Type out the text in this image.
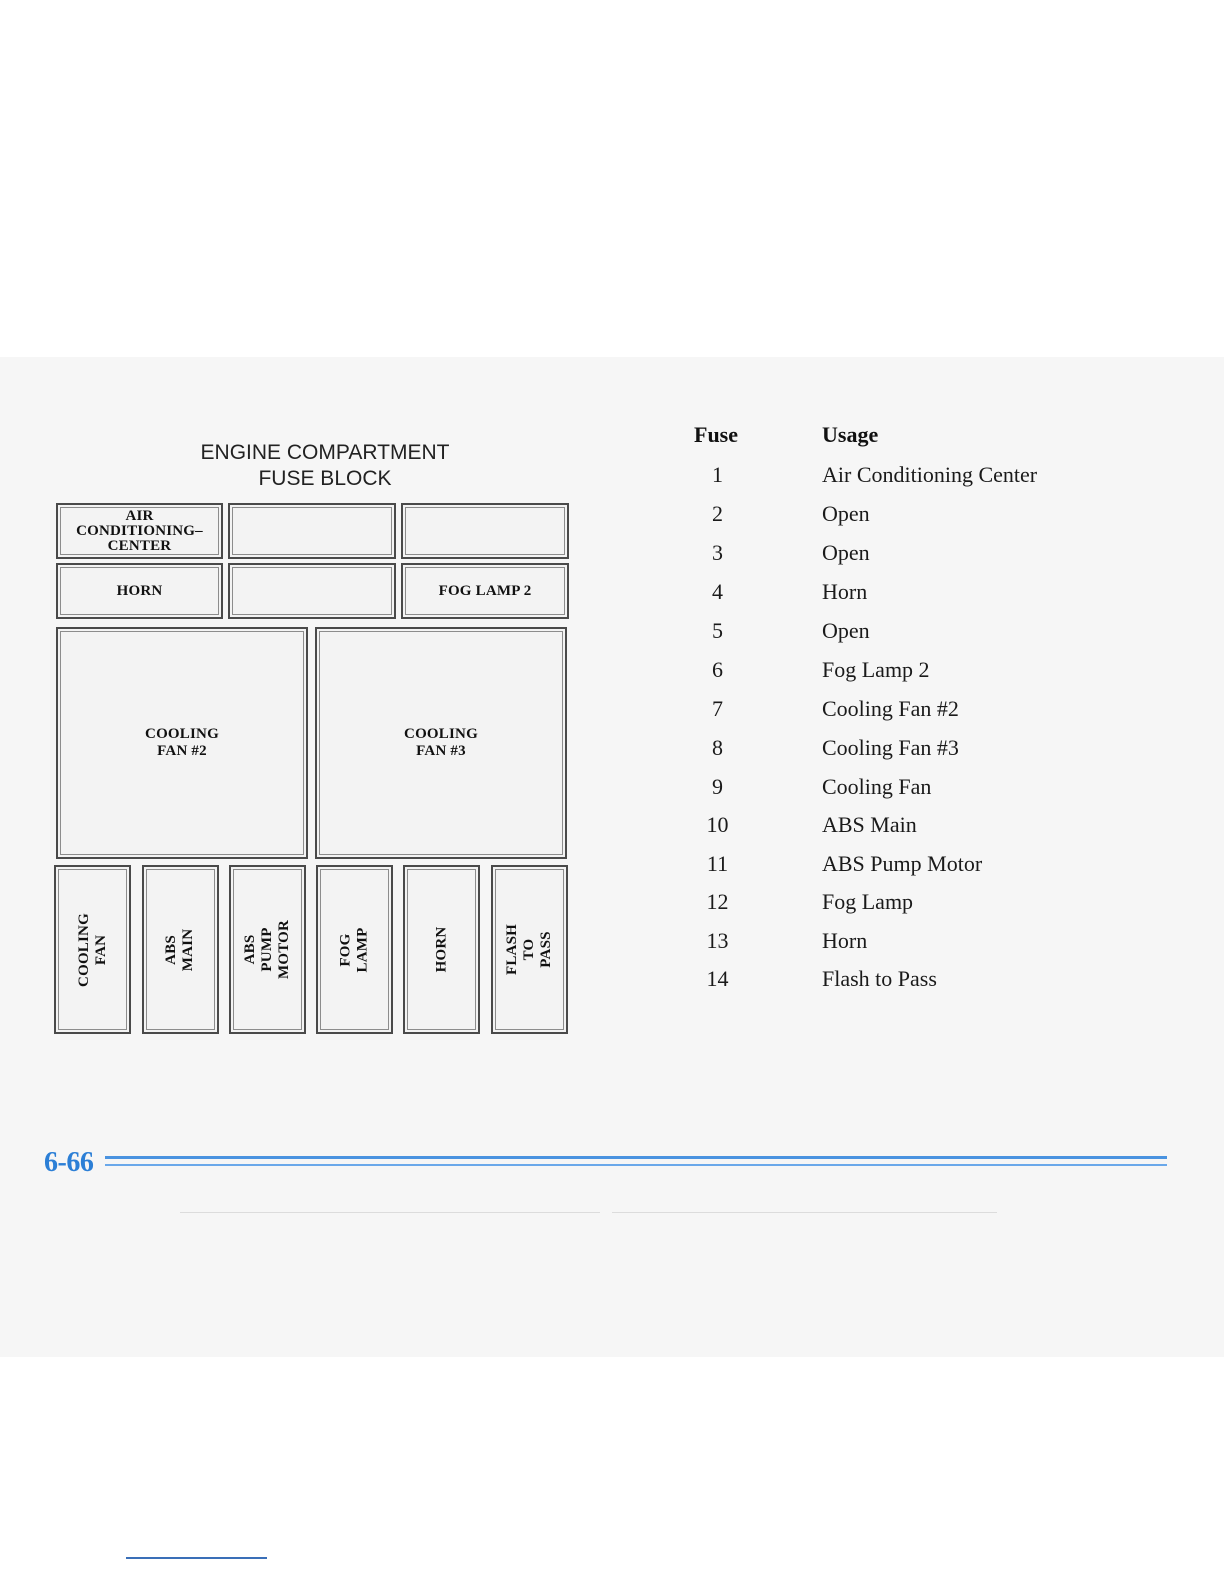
ENGINE COMPARTMENT
FUSE BLOCK
AIR
CONDITIONING–
CENTER
HORN	FOG LAMP 2
COOLING
FAN #2
COOLING
FAN #3
COOLING
FAN	ABS
MAIN	ABS PUMP
MOTOR	FOG
LAMP	HORN	FLASH TO
PASS
Fuse	Usage
1	Air Conditioning Center
2	Open
3	Open
4	Horn
5	Open
6	Fog Lamp 2
7	Cooling Fan #2
8	Cooling Fan #3
9	Cooling Fan
10	ABS Main
11	ABS Pump Motor
12	Fog Lamp
13	Horn
14	Flash to Pass
6-66
